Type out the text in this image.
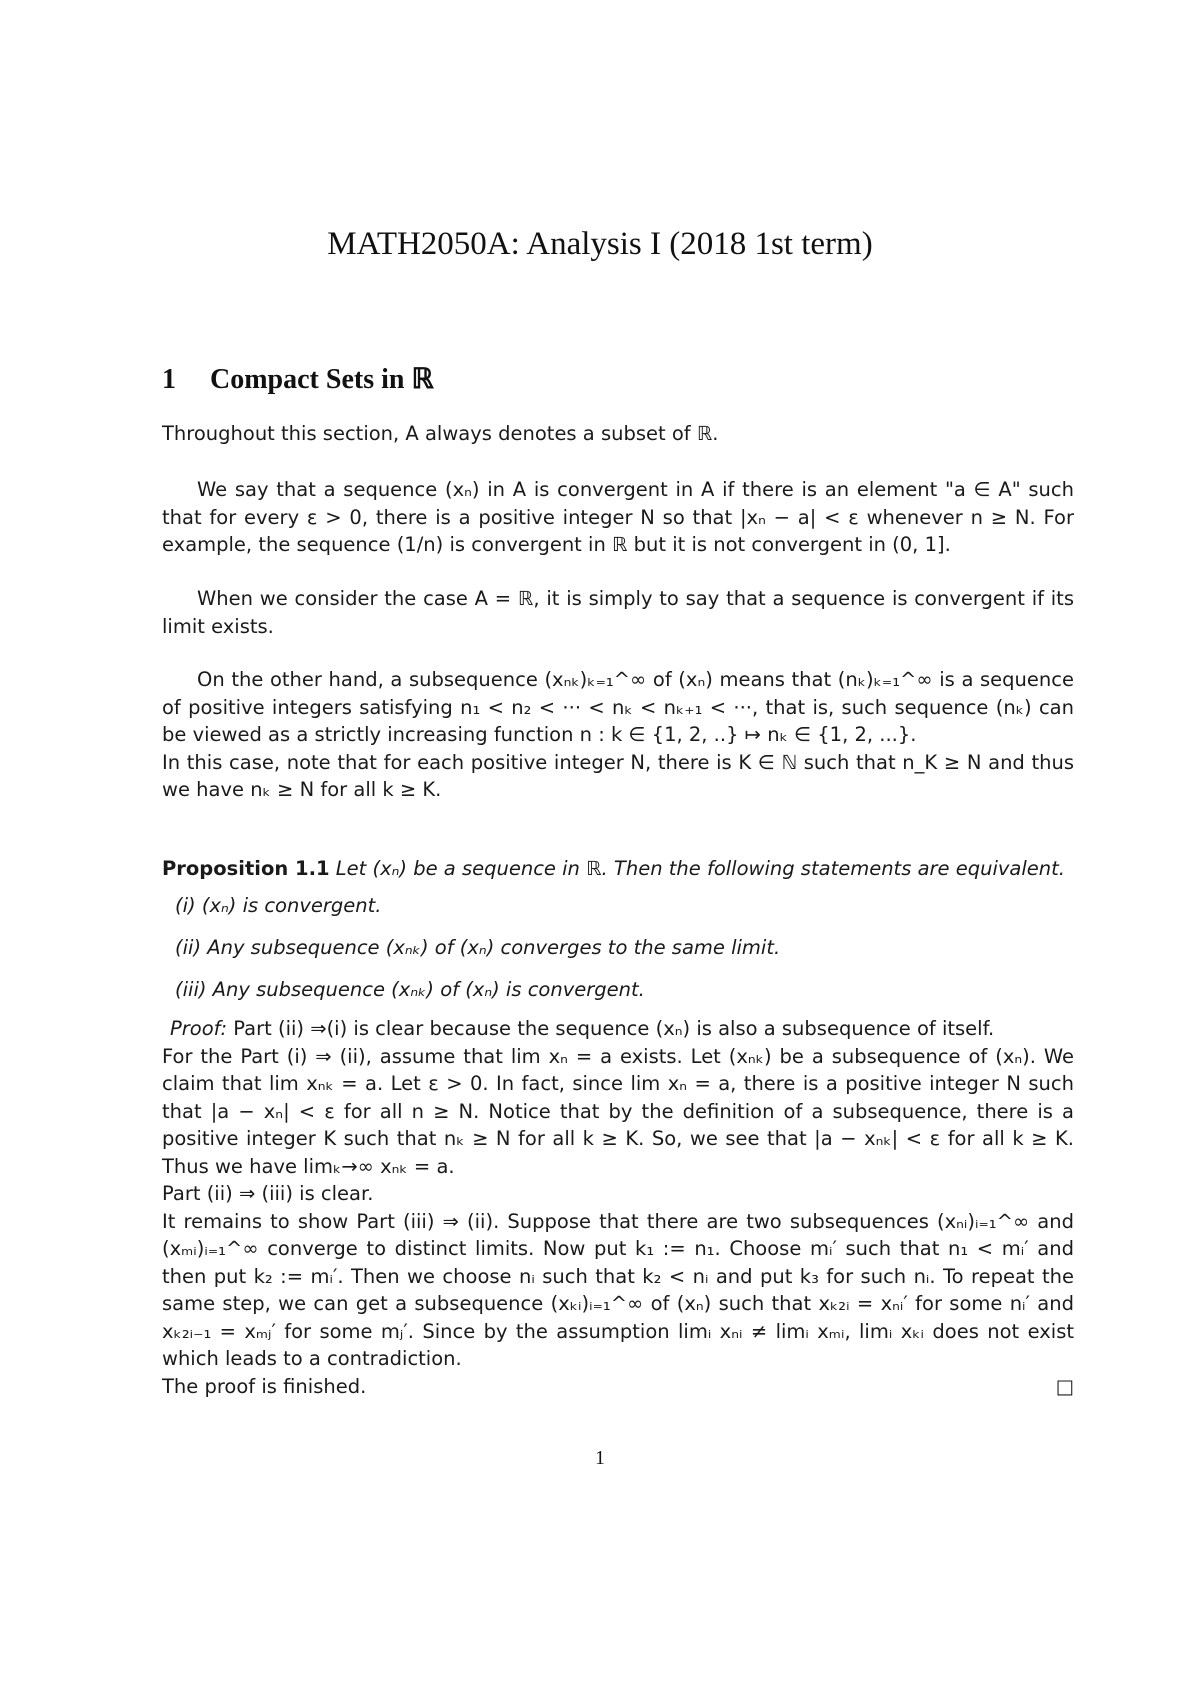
MATH2050A: Analysis I (2018 1st term)
1 Compact Sets in ℝ

Throughout this section, A always denotes a subset of ℝ.

We say that a sequence (xₙ) in A is convergent in A if there is an element "a ∈ A" such that for every ε > 0, there is a positive integer N so that |xₙ − a| < ε whenever n ≥ N. For example, the sequence (1/n) is convergent in ℝ but it is not convergent in (0, 1].

When we consider the case A = ℝ, it is simply to say that a sequence is convergent if its limit exists.

On the other hand, a subsequence (xₙₖ)ₖ₌₁^∞ of (xₙ) means that (nₖ)ₖ₌₁^∞ is a sequence of positive integers satisfying n₁ < n₂ < ··· < nₖ < nₖ₊₁ < ···, that is, such sequence (nₖ) can be viewed as a strictly increasing function n : k ∈ {1, 2, ..} ↦ nₖ ∈ {1, 2, ...}.

In this case, note that for each positive integer N, there is K ∈ ℕ such that n_K ≥ N and thus we have nₖ ≥ N for all k ≥ K.

Proposition 1.1 Let (xₙ) be a sequence in ℝ. Then the following statements are equivalent.

(i) (xₙ) is convergent.
(ii) Any subsequence (xₙₖ) of (xₙ) converges to the same limit.
(iii) Any subsequence (xₙₖ) of (xₙ) is convergent.

Proof: Part (ii) ⇒(i) is clear because the sequence (xₙ) is also a subsequence of itself.

For the Part (i) ⇒ (ii), assume that lim xₙ = a exists. Let (xₙₖ) be a subsequence of (xₙ). We claim that lim xₙₖ = a. Let ε > 0. In fact, since lim xₙ = a, there is a positive integer N such that |a − xₙ| < ε for all n ≥ N. Notice that by the definition of a subsequence, there is a positive integer K such that nₖ ≥ N for all k ≥ K. So, we see that |a − xₙₖ| < ε for all k ≥ K. Thus we have limₖ→∞ xₙₖ = a.

Part (ii) ⇒ (iii) is clear.

It remains to show Part (iii) ⇒ (ii). Suppose that there are two subsequences (xₙᵢ)ᵢ₌₁^∞ and (xₘᵢ)ᵢ₌₁^∞ converge to distinct limits. Now put k₁ := n₁. Choose mᵢ′ such that n₁ < mᵢ′ and then put k₂ := mᵢ′. Then we choose nᵢ such that k₂ < nᵢ and put k₃ for such nᵢ. To repeat the same step, we can get a subsequence (xₖᵢ)ᵢ₌₁^∞ of (xₙ) such that xₖ₂ᵢ = xₙᵢ′ for some nᵢ′ and xₖ₂ᵢ₋₁ = xₘⱼ′ for some mⱼ′. Since by the assumption limᵢ xₙᵢ ≠ limᵢ xₘᵢ, limᵢ xₖᵢ does not exist which leads to a contradiction.

The proof is finished.	□

1
